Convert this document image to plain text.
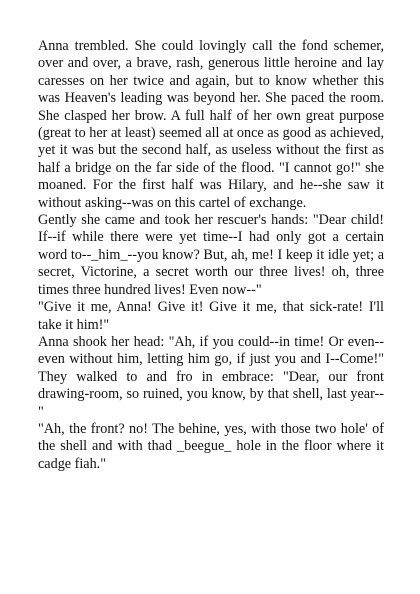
Anna trembled. She could lovingly call the fond schemer, over and over, a brave, rash, generous little heroine and lay caresses on her twice and again, but to know whether this was Heaven's leading was beyond her. She paced the room. She clasped her brow. A full half of her own great purpose (great to her at least) seemed all at once as good as achieved, yet it was but the second half, as useless without the first as half a bridge on the far side of the flood. "I cannot go!" she moaned. For the first half was Hilary, and he--she saw it without asking--was on this cartel of exchange.

Gently she came and took her rescuer's hands: "Dear child! If--if while there were yet time--I had only got a certain word to--_him_--you know? But, ah, me! I keep it idle yet; a secret, Victorine, a secret worth our three lives! oh, three times three hundred lives! Even now--"

"Give it me, Anna! Give it! Give it me, that sick-rate! I'll take it him!"

Anna shook her head: "Ah, if you could--in time! Or even--even without him, letting him go, if just you and I--Come!" They walked to and fro in embrace: "Dear, our front drawing-room, so ruined, you know, by that shell, last year--"

"Ah, the front? no! The behine, yes, with those two hole' of the shell and with thad _beegue_ hole in the floor where it cadge fiah."
